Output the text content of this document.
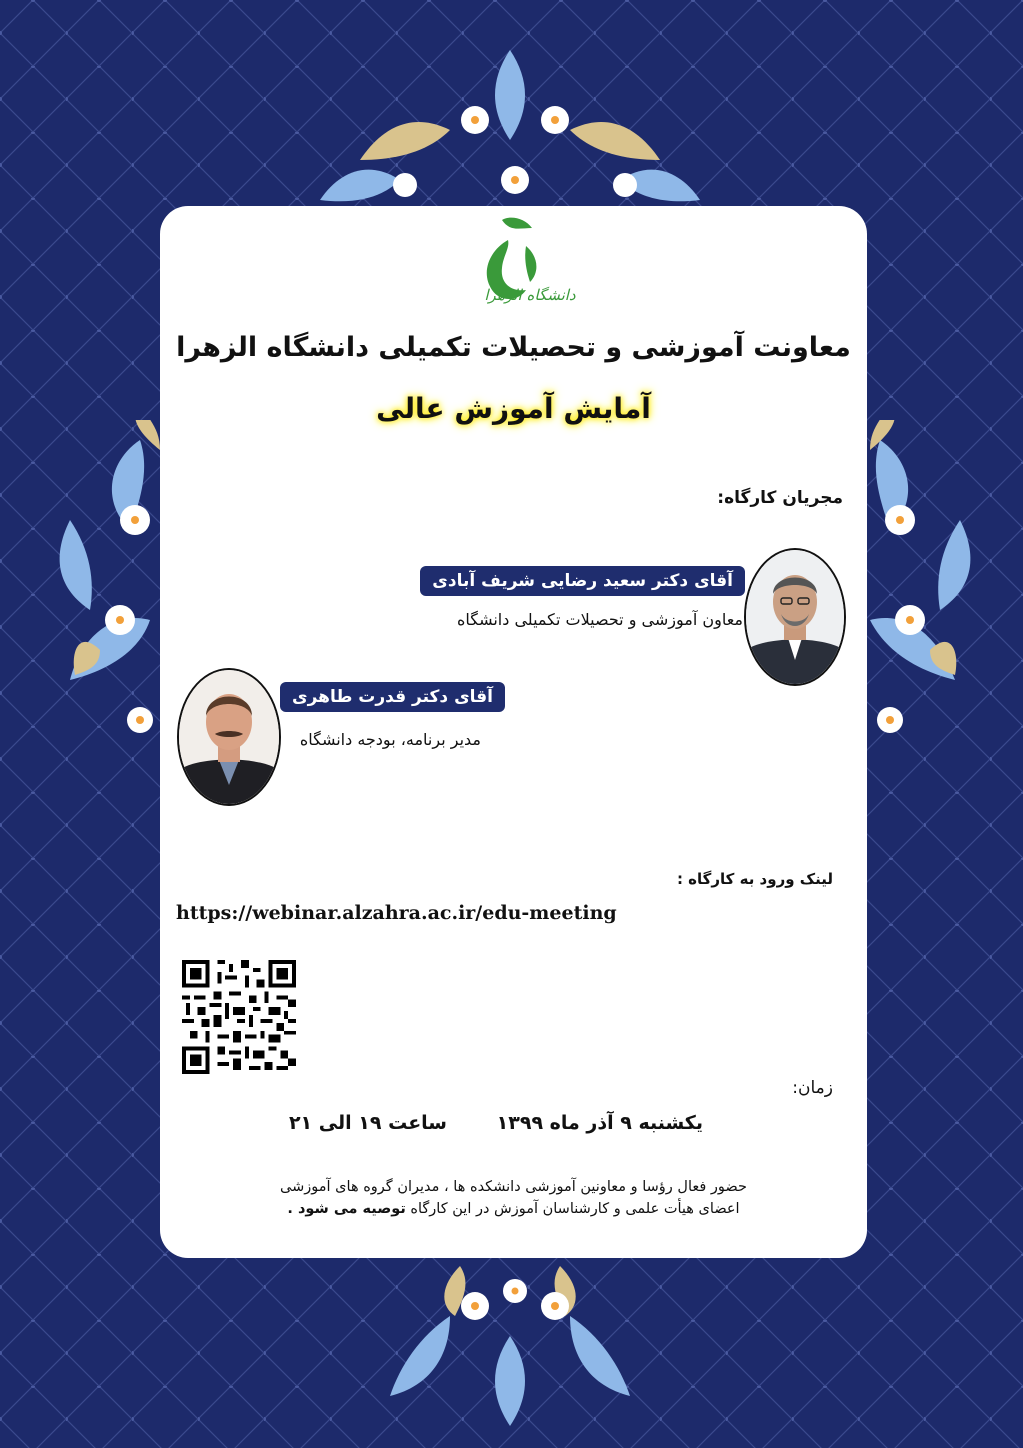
دانشگاه الزهرا
معاونت آموزشی و تحصیلات تکمیلی دانشگاه الزهرا
آمایش آموزش عالی
مجریان کارگاه:
آقای دکتر سعید رضایی شریف آبادی
معاون آموزشی و تحصیلات تکمیلی دانشگاه
آقای دکتر قدرت طاهری
مدیر برنامه، بودجه دانشگاه
لینک ورود به کارگاه :
https://webinar.alzahra.ac.ir/edu-meeting
زمان:
یکشنبه ۹ آذر ماه ۱۳۹۹
ساعت ۱۹ الی ۲۱
حضور فعال رؤسا و معاونین آموزشی دانشکده ها ، مدیران گروه های آموزشی
اعضای هیأت علمی و کارشناسان آموزش در این کارگاه توصیه می شود .
